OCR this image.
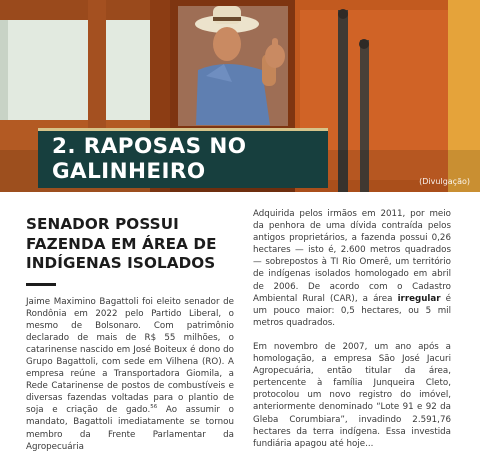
(Divulgação)
2. RAPOSAS NO
GALINHEIRO
SENADOR POSSUI FAZENDA EM ÁREA DE INDÍGENAS ISOLADOS

Jaime Maximino Bagattoli foi eleito senador de Rondônia em 2022 pelo Partido Liberal, o mesmo de Bolsonaro. Com patrimônio declarado de mais de R$ 55 milhões, o catarinense nascido em José Boiteux é dono do Grupo Bagattoli, com sede em Vilhena (RO). A empresa reúne a Transportadora Giomila, a Rede Catarinense de postos de combustíveis e diversas fazendas voltadas para o plantio de soja e criação de gado.$^{56}$ Ao assumir o mandato, Bagattoli imediatamente se tornou membro da Frente Parlamentar da Agropecuária

Adquirida pelos irmãos em 2011, por meio da penhora de uma dívida contraída pelos antigos proprietários, a fazenda possui 0,26 hectares — isto é, 2.600 metros quadrados — sobrepostos à TI Rio Omerê, um território de indígenas isolados homologado em abril de 2006. De acordo com o Cadastro Ambiental Rural (CAR), a área irregular é um pouco maior: 0,5 hectares, ou 5 mil metros quadrados.

Em novembro de 2007, um ano após a homologação, a empresa São José Jacuri Agropecuária, então titular da área, pertencente à família Junqueira Cleto, protocolou um novo registro do imóvel, anteriormente denominado “Lote 91 e 92 da Gleba Corumbiara”, invadindo 2.591,76 hectares da terra indígena. Essa investida fundiária apagou até hoje...
